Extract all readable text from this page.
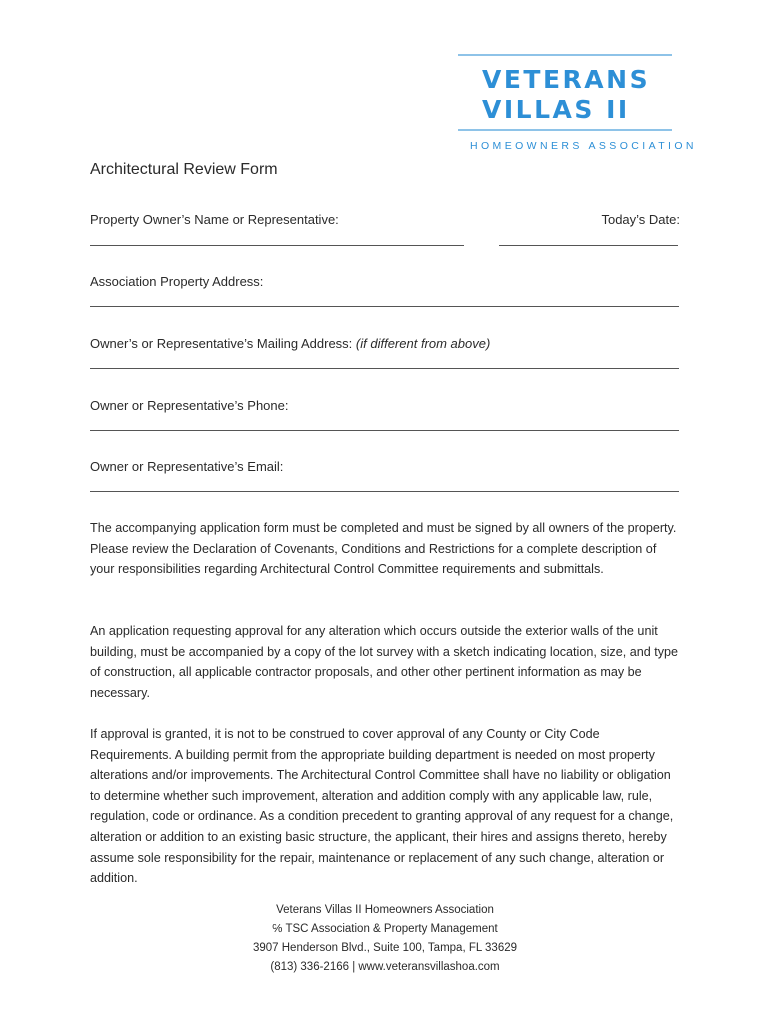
VETERANS
VILLAS II
HOMEOWNERS ASSOCIATION
Architectural Review Form
Property Owner’s Name or Representative:	Today’s Date:
Association Property Address:
Owner’s or Representative’s Mailing Address: (if different from above)
Owner or Representative’s Phone:
Owner or Representative’s Email:

The accompanying application form must be completed and must be signed by all owners of the property. Please review the Declaration of Covenants, Conditions and Restrictions for a complete description of your responsibilities regarding Architectural Control Committee requirements and submittals.

An application requesting approval for any alteration which occurs outside the exterior walls of the unit building, must be accompanied by a copy of the lot survey with a sketch indicating location, size, and type of construction, all applicable contractor proposals, and other other pertinent information as may be necessary.

If approval is granted, it is not to be construed to cover approval of any County or City Code Requirements. A building permit from the appropriate building department is needed on most property alterations and/or improvements. The Architectural Control Committee shall have no liability or obligation to determine whether such improvement, alteration and addition comply with any applicable law, rule, regulation, code or ordinance. As a condition precedent to granting approval of any request for a change, alteration or addition to an existing basic structure, the applicant, their hires and assigns thereto, hereby assume sole responsibility for the repair, maintenance or replacement of any such change, alteration or addition.

Veterans Villas II Homeowners Association
℅ TSC Association & Property Management
3907 Henderson Blvd., Suite 100, Tampa, FL 33629
(813) 336-2166 | www.veteransvillashoa.com
